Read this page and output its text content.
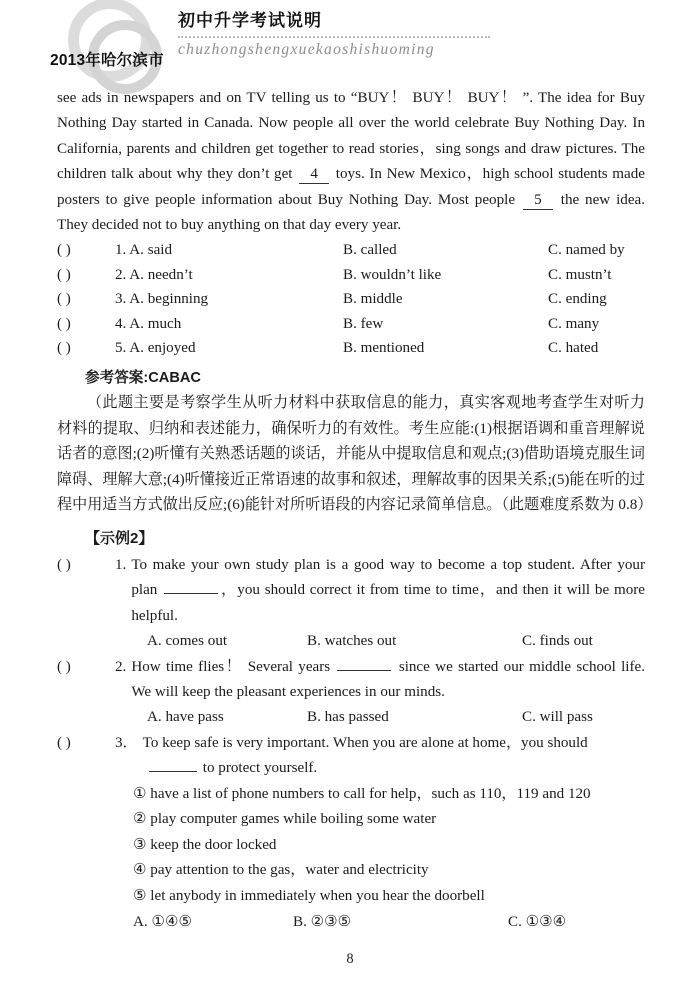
2013年哈尔滨市
初中升学考试说明
chuzhongshengxuekaoshishuoming

see ads in newspapers and on TV telling us to “BUY！ BUY！ BUY！ ”. The idea for Buy Nothing Day started in Canada. Now people all over the world celebrate Buy Nothing Day. In California, parents and children get together to read stories，sing songs and draw pictures. The children talk about why they don’t get 4 toys. In New Mexico，high school students made posters to give people information about Buy Nothing Day. Most people 5 the new idea. They decided not to buy anything on that day every year.

( )	1. A. said	B. called	C. named by
( )	2. A. needn’t	B. wouldn’t like	C. mustn’t
( )	3. A. beginning	B. middle	C. ending
( )	4. A. much	B. few	C. many
( )	5. A. enjoyed	B. mentioned	C. hated
参考答案:CABAC

（此题主要是考察学生从听力材料中获取信息的能力，真实客观地考查学生对听力材料的提取、归纳和表述能力，确保听力的有效性。考生应能:(1)根据语调和重音理解说话者的意图;(2)听懂有关熟悉话题的谈话，并能从中提取信息和观点;(3)借助语境克服生词障碍、理解大意;(4)听懂接近正常语速的故事和叙述，理解故事的因果关系;(5)能在听的过程中用适当方式做出反应;(6)能针对所听语段的内容记录简单信息。（此题难度系数为 0.8）

【示例2】
( )	1. To make your own study plan is a good way to become a top student. After your plan	，you should correct it from time to time，and then it will be more helpful.
A. comes out	B. watches out	C. finds out
( )	2. How time flies！ Several years	since we started our middle school life. We will keep the pleasant experiences in our minds.
A. have pass	B. has passed	C. will pass
( )	3． To keep safe is very important. When you are alone at home，you should
to protect yourself.
① have a list of phone numbers to call for help，such as 110，119 and 120
② play computer games while boiling some water
③ keep the door locked
④ pay attention to the gas，water and electricity
⑤ let anybody in immediately when you hear the doorbell
A. ①④⑤	B. ②③⑤	C. ①③④
8
